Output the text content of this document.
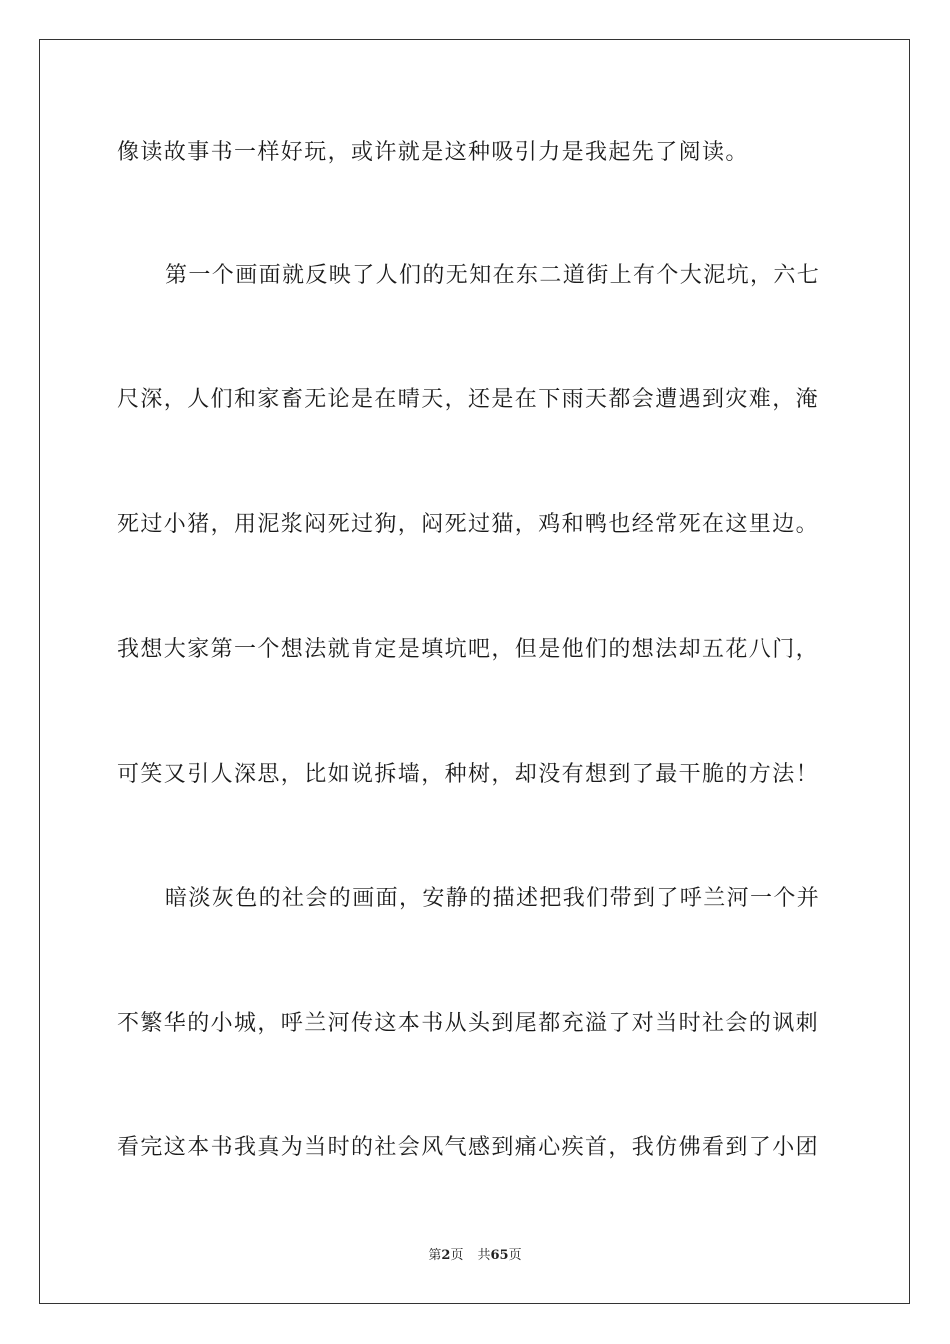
像读故事书一样好玩，或许就是这种吸引力是我起先了阅读。
第一个画面就反映了人们的无知在东二道街上有个大泥坑，六七
尺深，人们和家畜无论是在晴天，还是在下雨天都会遭遇到灾难，淹
死过小猪，用泥浆闷死过狗，闷死过猫，鸡和鸭也经常死在这里边。
我想大家第一个想法就肯定是填坑吧，但是他们的想法却五花八门，
可笑又引人深思，比如说拆墙，种树，却没有想到了最干脆的方法！
暗淡灰色的社会的画面，安静的描述把我们带到了呼兰河一个并
不繁华的小城，呼兰河传这本书从头到尾都充溢了对当时社会的讽刺
看完这本书我真为当时的社会风气感到痛心疾首，我仿佛看到了小团
第2页 共65页
